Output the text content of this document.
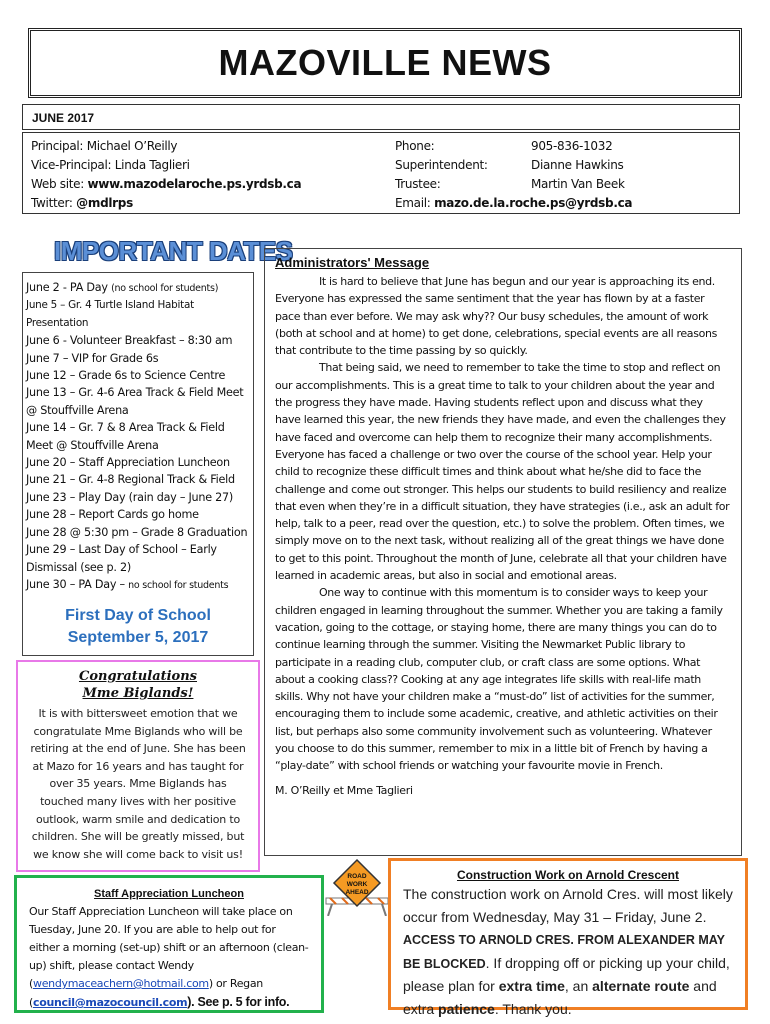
MAZOVILLE NEWS
JUNE 2017
Principal: Michael O’Reilly
Vice-Principal: Linda Taglieri
Web site: www.mazodelaroche.ps.yrdsb.ca
Twitter: @mdlrps
Phone:	905-836-1032
Superintendent:	Dianne Hawkins
Trustee:	Martin Van Beek
Email: mazo.de.la.roche.ps@yrdsb.ca
IMPORTANT DATES
June 2 - PA Day (no school for students)
June 5 – Gr. 4 Turtle Island Habitat Presentation
June 6 - Volunteer Breakfast – 8:30 am
June 7 – VIP for Grade 6s
June 12 – Grade 6s to Science Centre
June 13 – Gr. 4-6 Area Track & Field Meet @ Stouffville Arena
June 14 – Gr. 7 & 8 Area Track & Field Meet @ Stouffville Arena
June 20 – Staff Appreciation Luncheon
June 21 – Gr. 4-8 Regional Track & Field
June 23 – Play Day (rain day – June 27)
June 28 – Report Cards go home
June 28 @ 5:30 pm – Grade 8 Graduation
June 29 – Last Day of School – Early Dismissal (see p. 2)
June 30 – PA Day – no school for students
First Day of School
September 5, 2017
Congratulations
Mme Biglands!
It is with bittersweet emotion that we congratulate Mme Biglands who will be retiring at the end of June. She has been at Mazo for 16 years and has taught for over 35 years. Mme Biglands has touched many lives with her positive outlook, warm smile and dedication to children. She will be greatly missed, but we know she will come back to visit us!
Administrators' Message

It is hard to believe that June has begun and our year is approaching its end. Everyone has expressed the same sentiment that the year has flown by at a faster pace than ever before. We may ask why?? Our busy schedules, the amount of work (both at school and at home) to get done, celebrations, special events are all reasons that contribute to the time passing by so quickly.

That being said, we need to remember to take the time to stop and reflect on our accomplishments. This is a great time to talk to your children about the year and the progress they have made. Having students reflect upon and discuss what they have learned this year, the new friends they have made, and even the challenges they have faced and overcome can help them to recognize their many accomplishments. Everyone has faced a challenge or two over the course of the school year. Help your child to recognize these difficult times and think about what he/she did to face the challenge and come out stronger. This helps our students to build resiliency and realize that even when they’re in a difficult situation, they have strategies (i.e., ask an adult for help, talk to a peer, read over the question, etc.) to solve the problem. Often times, we simply move on to the next task, without realizing all of the great things we have done to get to this point. Throughout the month of June, celebrate all that your children have learned in academic areas, but also in social and emotional areas.

One way to continue with this momentum is to consider ways to keep your children engaged in learning throughout the summer. Whether you are taking a family vacation, going to the cottage, or staying home, there are many things you can do to continue learning through the summer. Visiting the Newmarket Public library to participate in a reading club, computer club, or craft class are some options. What about a cooking class?? Cooking at any age integrates life skills with real-life math skills. Why not have your children make a “must-do” list of activities for the summer, encouraging them to include some academic, creative, and athletic activities on their list, but perhaps also some community involvement such as volunteering. Whatever you choose to do this summer, remember to mix in a little bit of French by having a “play-date” with school friends or watching your favourite movie in French.

M. O’Reilly et Mme Taglieri
Staff Appreciation Luncheon
Our Staff Appreciation Luncheon will take place on Tuesday, June 20. If you are able to help out for either a morning (set-up) shift or an afternoon (clean-up) shift, please contact Wendy (wendymaceachern@hotmail.com) or Regan (council@mazocouncil.com). See p. 5 for info.
ROAD
WORK
AHEAD
Construction Work on Arnold Crescent
The construction work on Arnold Cres. will most likely occur from Wednesday, May 31 – Friday, June 2. ACCESS TO ARNOLD CRES. FROM ALEXANDER MAY BE BLOCKED. If dropping off or picking up your child, please plan for extra time, an alternate route and extra patience. Thank you.
